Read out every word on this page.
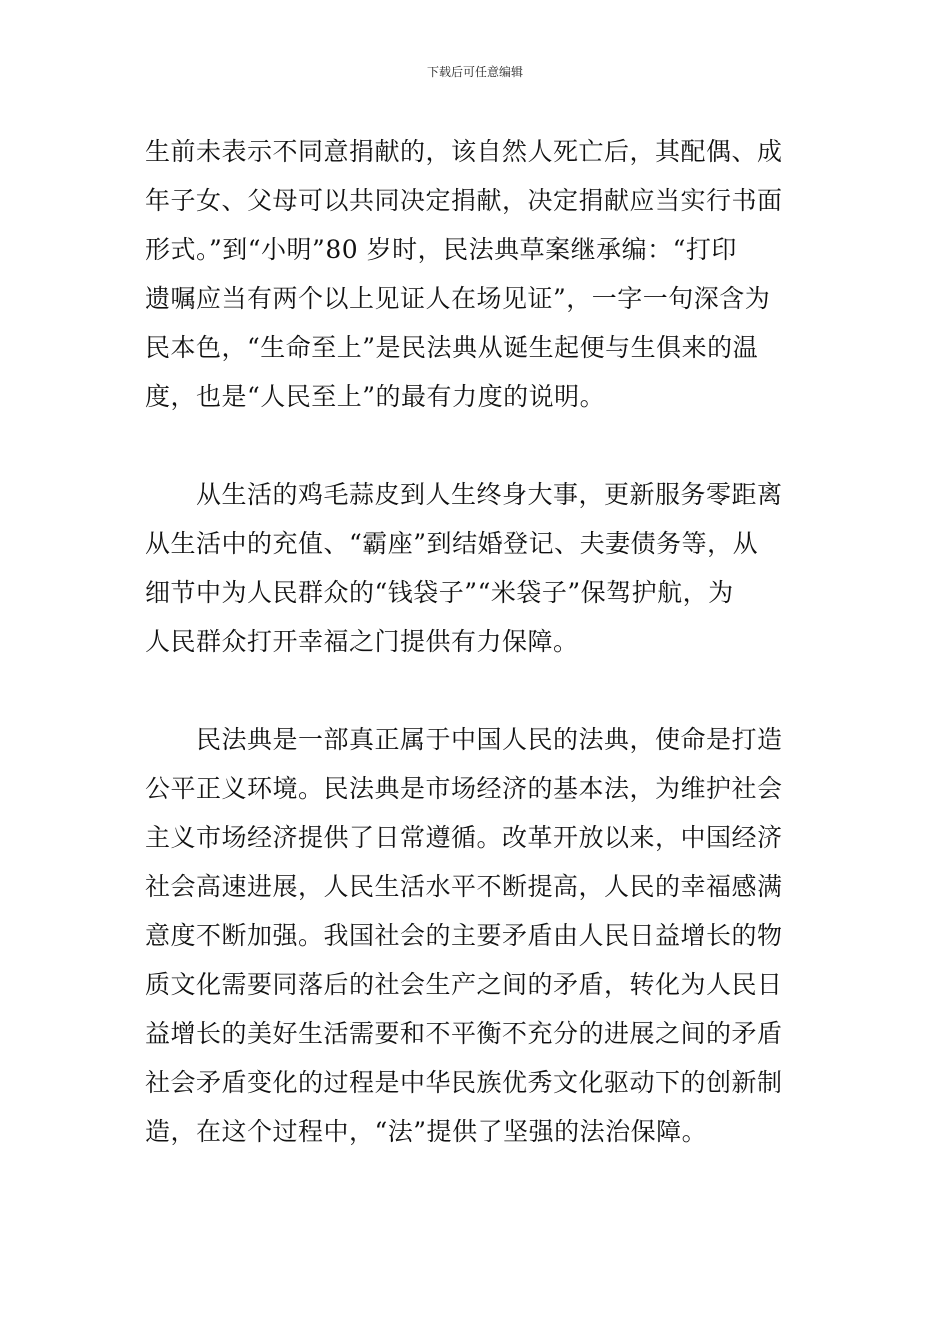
下载后可任意编辑

生前未表示不同意捐献的，该自然人死亡后，其配偶、成
年子女、父母可以共同决定捐献，决定捐献应当实行书面
形式。”到“小明”80 岁时，民法典草案继承编：“打印
遗嘱应当有两个以上见证人在场见证”，一字一句深含为
民本色，“生命至上”是民法典从诞生起便与生俱来的温
度，也是“人民至上”的最有力度的说明。

　　从生活的鸡毛蒜皮到人生终身大事，更新服务零距离
从生活中的充值、“霸座”到结婚登记、夫妻债务等，从
细节中为人民群众的“钱袋子”“米袋子”保驾护航，为
人民群众打开幸福之门提供有力保障。

　　民法典是一部真正属于中国人民的法典，使命是打造
公平正义环境。民法典是市场经济的基本法，为维护社会
主义市场经济提供了日常遵循。改革开放以来，中国经济
社会高速进展，人民生活水平不断提高，人民的幸福感满
意度不断加强。我国社会的主要矛盾由人民日益增长的物
质文化需要同落后的社会生产之间的矛盾，转化为人民日
益增长的美好生活需要和不平衡不充分的进展之间的矛盾
社会矛盾变化的过程是中华民族优秀文化驱动下的创新制
造，在这个过程中，“法”提供了坚强的法治保障。
